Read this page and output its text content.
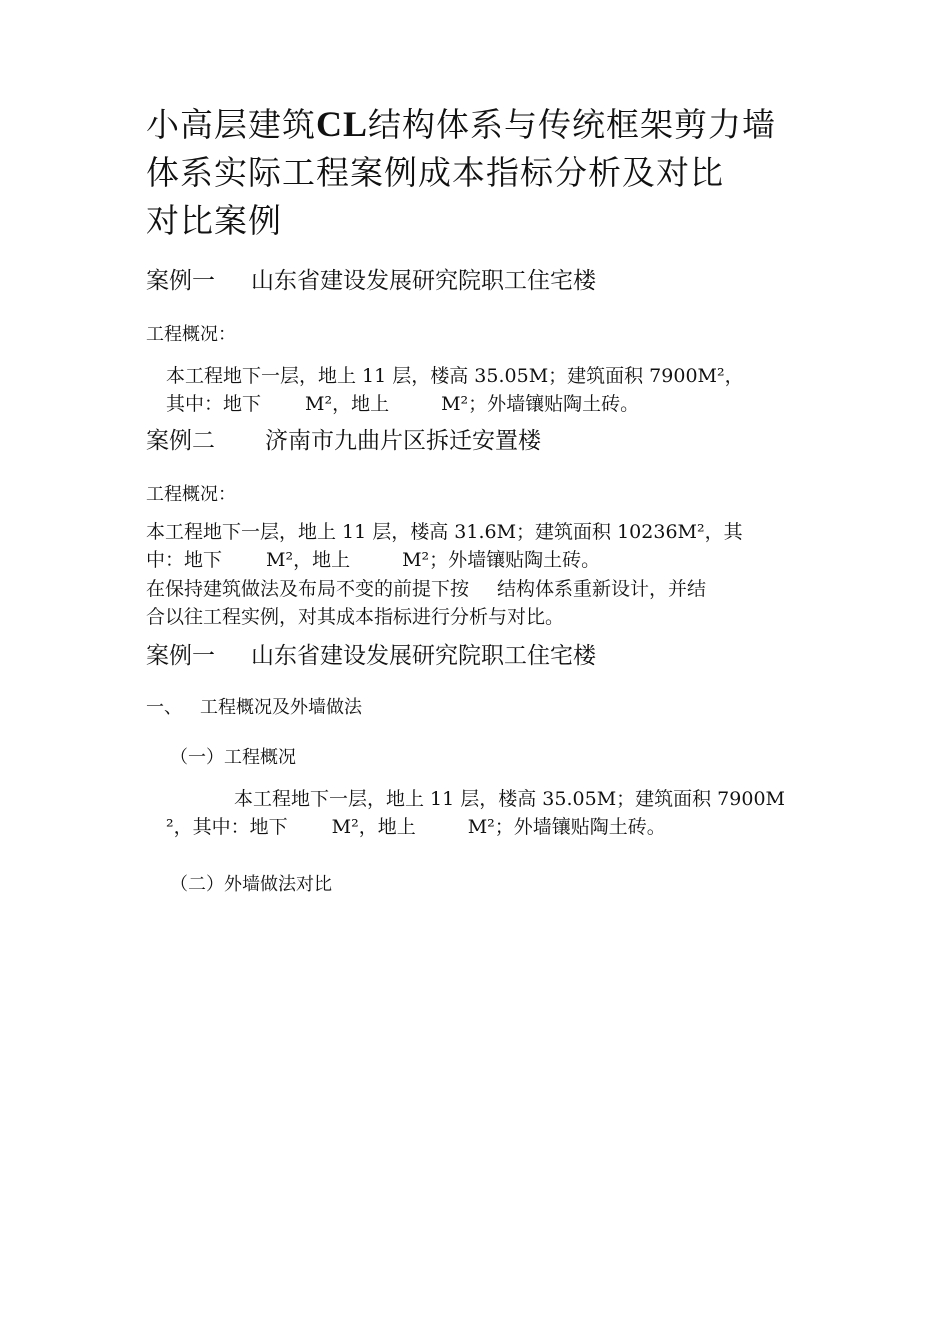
小高层建筑CL结构体系与传统框架剪力墙
体系实际工程案例成本指标分析及对比
对比案例
案例一 山东省建设发展研究院职工住宅楼
工程概况：
本工程地下一层，地上 11 层，楼高 35.05M；建筑面积 7900M²，
其中：地下 M²，地上	M²；外墙镶贴陶土砖。
案例二 济南市九曲片区拆迁安置楼
工程概况：
本工程地下一层，地上 11 层，楼高 31.6M；建筑面积 10236M²，其
中：地下 M²，地上	M²；外墙镶贴陶土砖。
在保持建筑做法及布局不变的前提下按 结构体系重新设计，并结
合以往工程实例，对其成本指标进行分析与对比。
案例一 山东省建设发展研究院职工住宅楼
一、 工程概况及外墙做法
（一）工程概况
本工程地下一层，地上 11 层，楼高 35.05M；建筑面积 7900M
²，其中：地下 M²，地上	M²；外墙镶贴陶土砖。
（二）外墙做法对比
